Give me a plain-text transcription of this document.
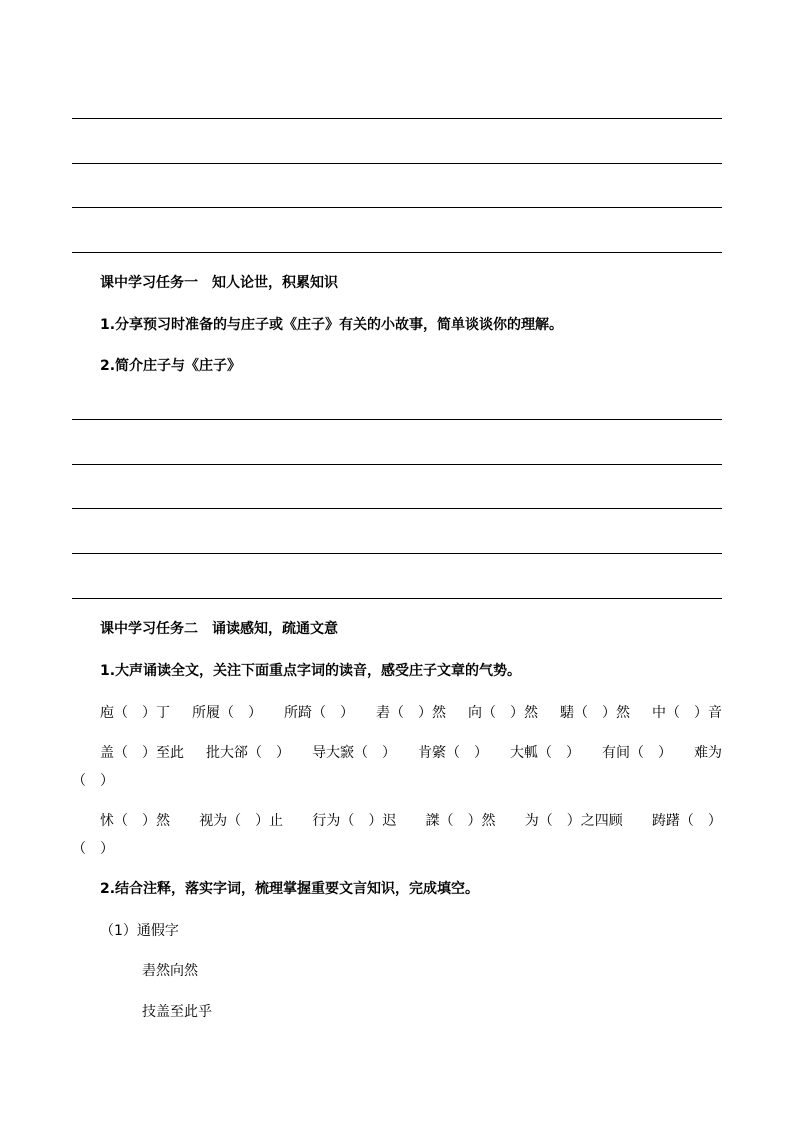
课中学习任务一　知人论世，积累知识
1.分享预习时准备的与庄子或《庄子》有关的小故事，简单谈谈你的理解。
2.简介庄子与《庄子》
课中学习任务二　诵读感知，疏通文意
1.大声诵读全文，关注下面重点字词的读音，感受庄子文章的气势。
庖（　）丁 所履（　） 所踦（　） 砉（　）然 向（　）然 騞（　）然 中（　）音
盖（　）至此 批大郤（　） 导大窾（　） 肯綮（　） 大軱（　） 有间（　） 难为
（　）
怵（　）然 视为（　）止 行为（　）迟 謋（　）然 为（　）之四顾 踌躇（　）
（　）
2.结合注释，落实字词，梳理掌握重要文言知识，完成填空。
（1）通假字
砉然向然
技盖至此乎
